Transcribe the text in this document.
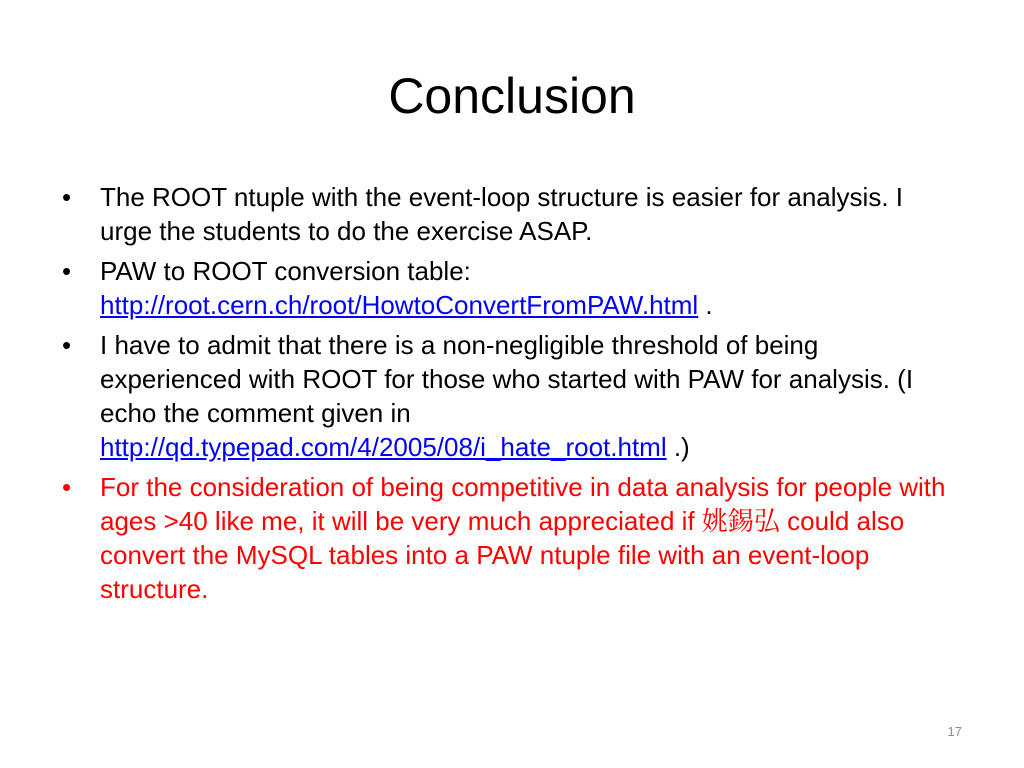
Conclusion
•	The ROOT ntuple with the event-loop structure is easier for analysis. I urge the students to do the exercise ASAP.
•	PAW to ROOT conversion table:
http://root.cern.ch/root/HowtoConvertFromPAW.html .
•	I have to admit that there is a non-negligible threshold of being experienced with ROOT for those who started with PAW for analysis. (I echo the comment given in
http://qd.typepad.com/4/2005/08/i_hate_root.html .)
•	For the consideration of being competitive in data analysis for people with ages >40 like me, it will be very much appreciated if 姚錫弘 could also convert the MySQL tables into a PAW ntuple file with an event-loop structure.
17
